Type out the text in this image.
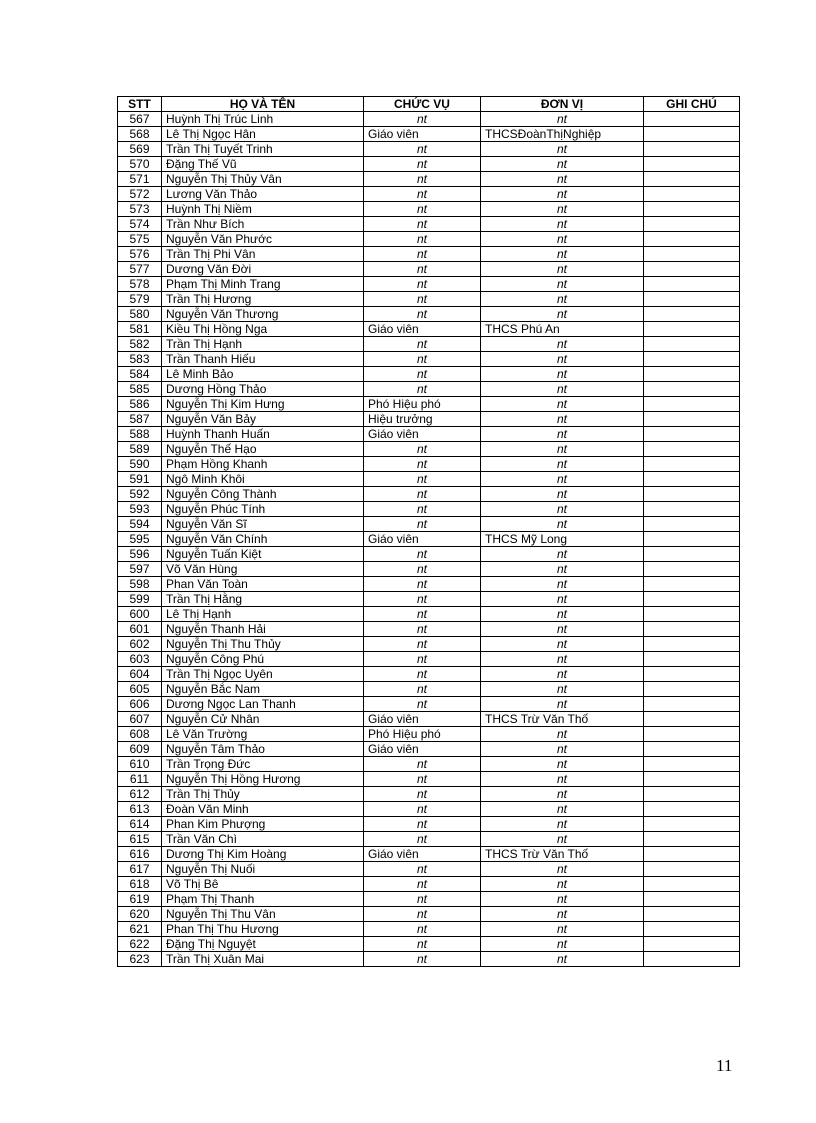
STT	HỌ VÀ TÊN	CHỨC VỤ	ĐƠN VỊ	GHI CHÚ
567	Huỳnh Thị Trúc Linh	nt	nt	
568	Lê Thị Ngọc Hân	Giáo viên	THCSĐoànThịNghiệp	
569	Trần Thị Tuyết Trinh	nt	nt	
570	Đặng Thế Vũ	nt	nt	
571	Nguyễn Thị Thủy Vân	nt	nt	
572	Lương Văn Thảo	nt	nt	
573	Huỳnh Thị Niềm	nt	nt	
574	Trần Như Bích	nt	nt	
575	Nguyễn Văn Phước	nt	nt	
576	Trần Thị Phi Vân	nt	nt	
577	Dương Văn Đời	nt	nt	
578	Phạm Thị Minh Trang	nt	nt	
579	Trần Thị Hương	nt	nt	
580	Nguyễn Văn Thương	nt	nt	
581	Kiều Thị Hồng Nga	Giáo viên	THCS Phú An	
582	Trần Thị Hạnh	nt	nt	
583	Trần Thanh Hiếu	nt	nt	
584	Lê Minh Bảo	nt	nt	
585	Dương Hồng Thảo	nt	nt	
586	Nguyễn Thị Kim Hưng	Phó Hiệu phó	nt	
587	Nguyễn Văn Bảy	Hiệu trưởng	nt	
588	Huỳnh Thanh Huấn	Giáo viên	nt	
589	Nguyễn Thế Hạo	nt	nt	
590	Phạm Hồng Khanh	nt	nt	
591	Ngô Minh Khôi	nt	nt	
592	Nguyễn Công Thành	nt	nt	
593	Nguyễn Phúc Tính	nt	nt	
594	Nguyễn Văn Sĩ	nt	nt	
595	Nguyễn Văn Chính	Giáo viên	THCS Mỹ Long	
596	Nguyễn Tuấn Kiệt	nt	nt	
597	Võ Văn Hùng	nt	nt	
598	Phan Văn Toàn	nt	nt	
599	Trần Thị Hằng	nt	nt	
600	Lê Thị Hạnh	nt	nt	
601	Nguyễn Thanh Hải	nt	nt	
602	Nguyễn Thị Thu Thủy	nt	nt	
603	Nguyễn Công Phú	nt	nt	
604	Trần Thị Ngọc Uyên	nt	nt	
605	Nguyễn Bắc Nam	nt	nt	
606	Dương Ngọc Lan Thanh	nt	nt	
607	Nguyễn Cử Nhân	Giáo viên	THCS Trừ Văn Thố	
608	Lê Văn Trường	Phó Hiệu phó	nt	
609	Nguyễn Tâm Thảo	Giáo viên	nt	
610	Trần Trọng Đức	nt	nt	
611	Nguyễn Thị Hồng Hương	nt	nt	
612	Trần Thị Thủy	nt	nt	
613	Đoàn Văn Minh	nt	nt	
614	Phan Kim Phượng	nt	nt	
615	Trần Văn Chì	nt	nt	
616	Dương Thị Kim Hoàng	Giáo viên	THCS Trừ Văn Thố	
617	Nguyễn Thị Nuối	nt	nt	
618	Võ Thị Bê	nt	nt	
619	Phạm Thị Thanh	nt	nt	
620	Nguyễn Thị Thu Vân	nt	nt	
621	Phan Thị Thu Hương	nt	nt	
622	Đặng Thị Nguyệt	nt	nt	
623	Trần Thị Xuân Mai	nt	nt	
11
